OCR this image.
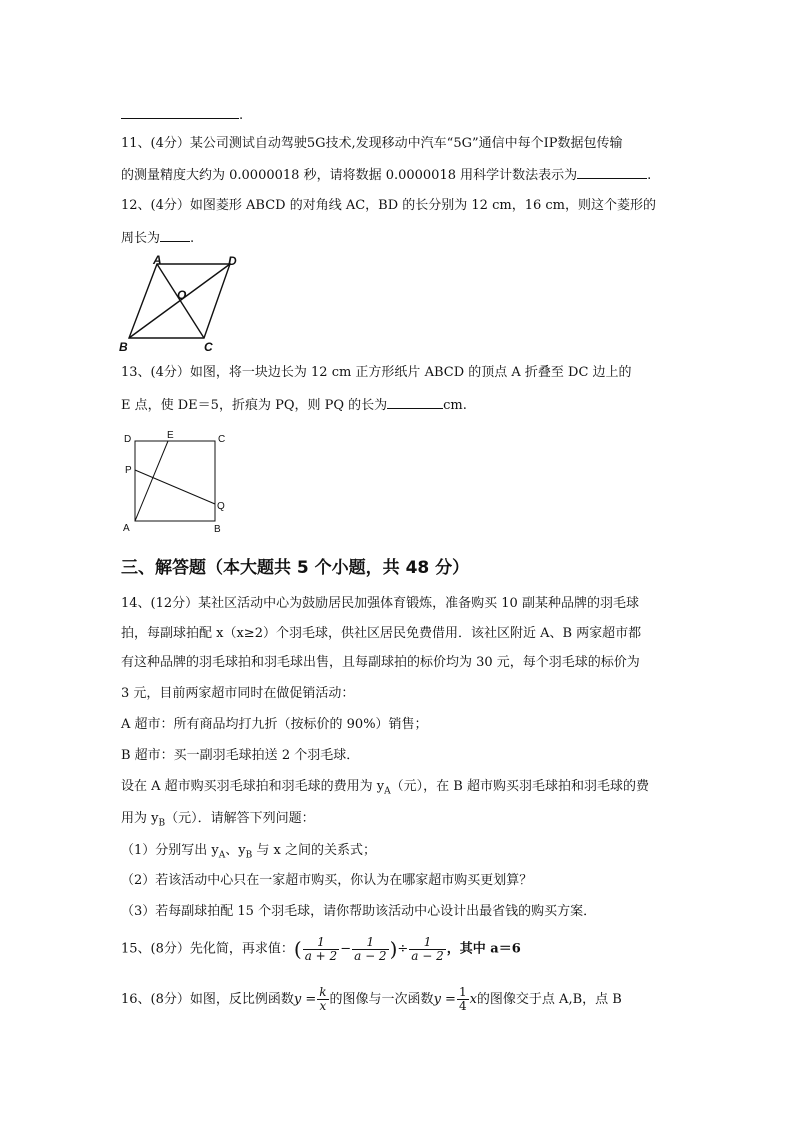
.
11、(4分）某公司测试自动驾驶5G技术,发现移动中汽车“5G”通信中每个IP数据包传输
的测量精度大约为 0.0000018 秒，请将数据 0.0000018 用科学计数法表示为	.
12、(4分）如图菱形 ABCD 的对角线 AC，BD 的长分别为 12 cm，16 cm，则这个菱形的
周长为 .
A	D
O
B	C
13、(4分）如图，将一块边长为 12 cm 正方形纸片 ABCD 的顶点 A 折叠至 DC 边上的
E 点，使 DE＝5，折痕为 PQ，则 PQ 的长为	cm.
D	E	C
P
Q
A	B
三、解答题（本大题共 5 个小题，共 48 分）
14、(12分）某社区活动中心为鼓励居民加强体育锻炼，准备购买 10 副某种品牌的羽毛球
拍，每副球拍配 x（x≥2）个羽毛球，供社区居民免费借用．该社区附近 A、B 两家超市都
有这种品牌的羽毛球拍和羽毛球出售，且每副球拍的标价均为 30 元，每个羽毛球的标价为
3 元，目前两家超市同时在做促销活动：
A 超市：所有商品均打九折（按标价的 90%）销售；
B 超市：买一副羽毛球拍送 2 个羽毛球．
设在 A 超市购买羽毛球拍和羽毛球的费用为 $y_A$（元），在 B 超市购买羽毛球拍和羽毛球的费
用为 $y_B$（元）．请解答下列问题：
（1）分别写出 $y_A$、$y_B$ 与 x 之间的关系式；
（2）若该活动中心只在一家超市购买，你认为在哪家超市购买更划算？
（3）若每副球拍配 15 个羽毛球，请你帮助该活动中心设计出最省钱的购买方案．
15、(8分）先化简，再求值：( $\frac{1}{a + 2} - \frac{1}{a - 2}$ )÷ $\frac{1}{a - 2}$ ，其中 a＝6
16、(8分）如图，反比例函数$y = \frac{k}{x}$ 的图像与一次函数$y = \frac{1}{4}$ x的图像交于点 A,B，点 B
